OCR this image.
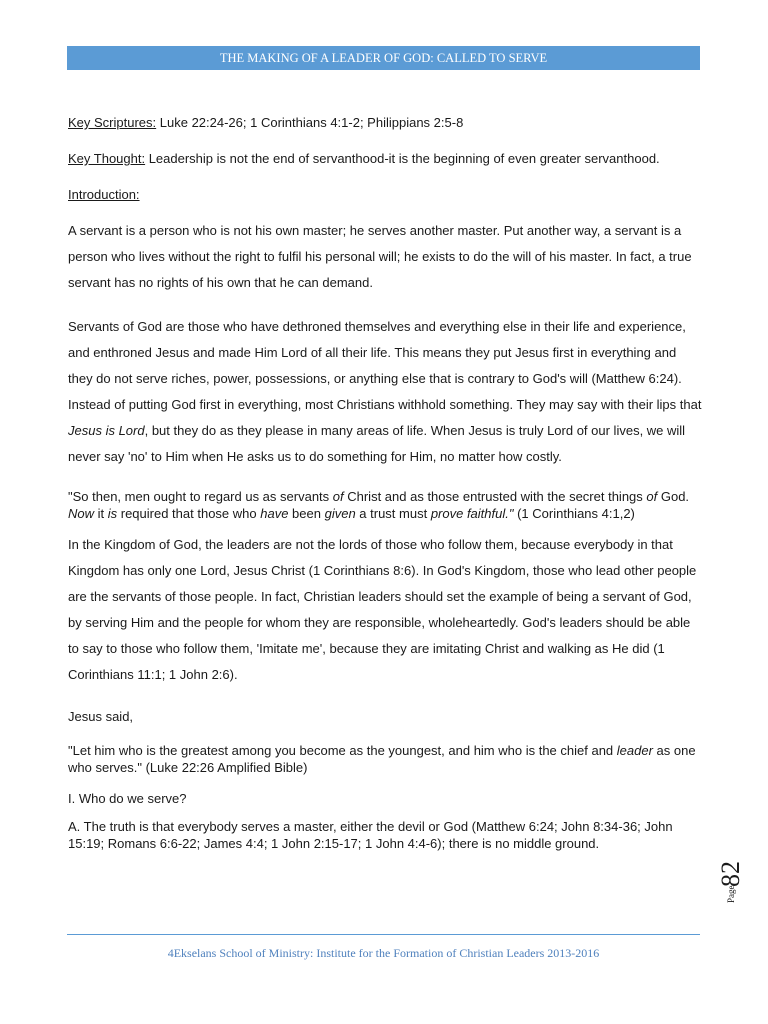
THE MAKING OF A LEADER OF GOD: CALLED TO SERVE

Key Scriptures: Luke 22:24-26; 1 Corinthians 4:1-2; Philippians 2:5-8

Key Thought: Leadership is not the end of servanthood-it is the beginning of even greater servanthood.

Introduction:

A servant is a person who is not his own master; he serves another master. Put another way, a servant is a person who lives without the right to fulfil his personal will; he exists to do the will of his master. In fact, a true servant has no rights of his own that he can demand.

Servants of God are those who have dethroned themselves and everything else in their life and experience, and enthroned Jesus and made Him Lord of all their life. This means they put Jesus first in everything and they do not serve riches, power, possessions, or anything else that is contrary to God's will (Matthew 6:24). Instead of putting God first in everything, most Christians withhold something. They may say with their lips that Jesus is Lord, but they do as they please in many areas of life. When Jesus is truly Lord of our lives, we will never say 'no' to Him when He asks us to do something for Him, no matter how costly.

"So then, men ought to regard us as servants of Christ and as those entrusted with the secret things of God. Now it is required that those who have been given a trust must prove faithful." (1 Corinthians 4:1,2)

In the Kingdom of God, the leaders are not the lords of those who follow them, because everybody in that Kingdom has only one Lord, Jesus Christ (1 Corinthians 8:6). In God's Kingdom, those who lead other people are the servants of those people. In fact, Christian leaders should set the example of being a servant of God, by serving Him and the people for whom they are responsible, wholeheartedly. God's leaders should be able to say to those who follow them, 'Imitate me', because they are imitating Christ and walking as He did (1 Corinthians 11:1; 1 John 2:6).

Jesus said,

"Let him who is the greatest among you become as the youngest, and him who is the chief and leader as one who serves." (Luke 22:26 Amplified Bible)

I. Who do we serve?

A. The truth is that everybody serves a master, either the devil or God (Matthew 6:24; John 8:34-36; John 15:19; Romans 6:6-22; James 4:4; 1 John 2:15-17; 1 John 4:4-6); there is no middle ground.

Page
82
4Ekselans School of Ministry: Institute for the Formation of Christian Leaders 2013-2016
